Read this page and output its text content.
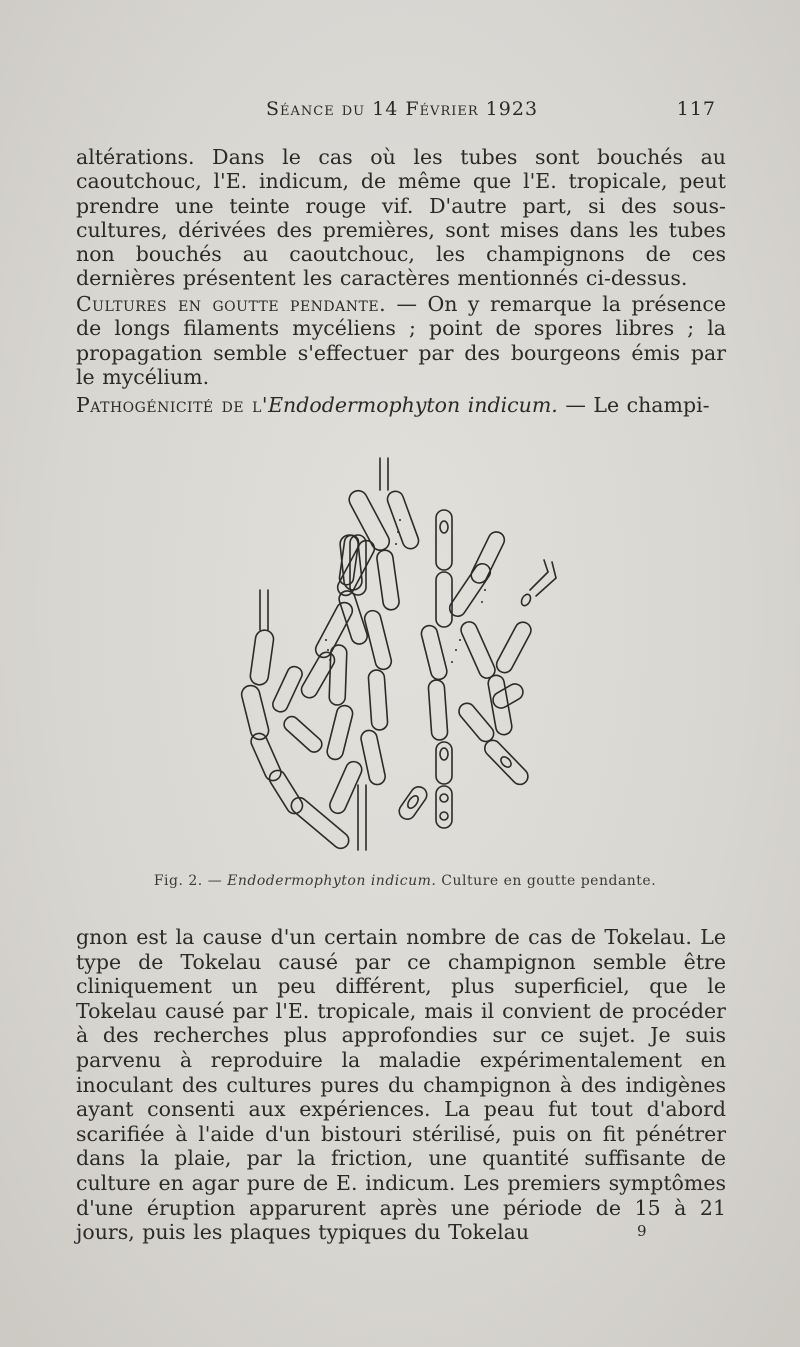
Séance du 14 Février 1923	117

altérations. Dans le cas où les tubes sont bouchés au caoutchouc, l'E. indicum, de même que l'E. tropicale, peut prendre une teinte rouge vif. D'autre part, si des sous-cultures, dérivées des premières, sont mises dans les tubes non bouchés au caoutchouc, les champignons de ces dernières présentent les caractères mentionnés ci-dessus.

Cultures en goutte pendante. — On y remarque la présence de longs filaments mycéliens ; point de spores libres ; la propagation semble s'effectuer par des bourgeons émis par le mycélium.

Pathogénicité de l'Endodermophyton indicum. — Le champi-

Fig. 2. — Endodermophyton indicum. Culture en goutte pendante.

gnon est la cause d'un certain nombre de cas de Tokelau. Le type de Tokelau causé par ce champignon semble être cliniquement un peu différent, plus superficiel, que le Tokelau causé par l'E. tropicale, mais il convient de procéder à des recherches plus approfondies sur ce sujet. Je suis parvenu à reproduire la maladie expérimentalement en inoculant des cultures pures du champignon à des indigènes ayant consenti aux expériences. La peau fut tout d'abord scarifiée à l'aide d'un bistouri stérilisé, puis on fit pénétrer dans la plaie, par la friction, une quantité suffisante de culture en agar pure de E. indicum. Les premiers symptômes d'une éruption apparurent après une période de 15 à 21 jours, puis les plaques typiques du Tokelau	9
